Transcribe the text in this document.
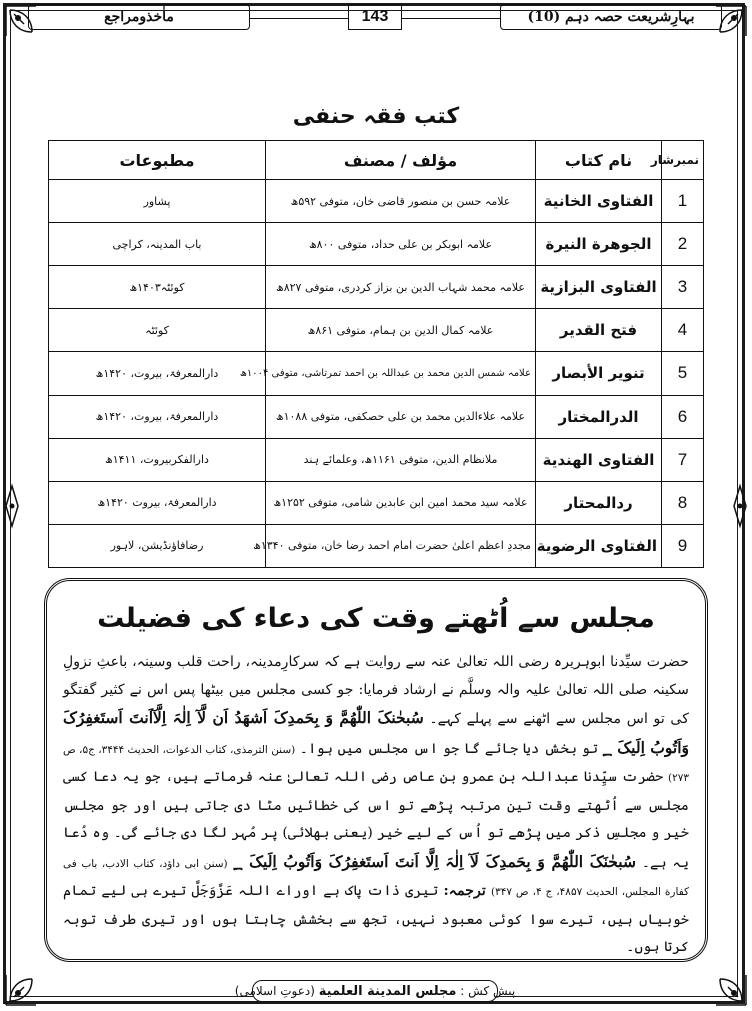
بہارِشریعت حصہ دہم (10)
143
ماٰخذومراجع
کتب فقہ حنفی
نمبرشار	نام کتاب	مؤلف / مصنف	مطبوعات
1	الفتاوی الخانیة	علامہ حسن بن منصور قاضی خان، متوفی ۵۹۲ھ	پشاور
2	الجوهرة النيرة	علامہ ابوبکر بن علی حداد، متوفی ۸۰۰ھ	باب المدینہ، کراچی
3	الفتاوی البزازية	علامہ محمد شہاب الدین بن بزاز کردری، متوفی ۸۲۷ھ	کوئٹہ۱۴۰۳ھ
4	فتح القدير	علامہ کمال الدین بن ہمام، متوفی ۸۶۱ھ	کوئٹہ
5	تنوير الأبصار	علامہ شمس الدین محمد بن عبداللہ بن احمد تمرتاشی، متوفی ۱۰۰۴ھ	دارالمعرفۃ، بیروت، ۱۴۲۰ھ
6	الدرالمختار	علامہ علاءالدین محمد بن علی حصکفی، متوفی ۱۰۸۸ھ	دارالمعرفۃ، بیروت، ۱۴۲۰ھ
7	الفتاوی الهندية	ملانظام الدین، متوفی ۱۱۶۱ھ، وعلمائے ہند	دارالفکربیروت، ۱۴۱۱ھ
8	ردالمحتار	علامہ سید محمد امین ابن عابدین شامی، متوفی ۱۲۵۲ھ	دارالمعرفۃ، بیروت ۱۴۲۰ھ
9	الفتاوی الرضوية	مجددِ اعظم اعلیٰ حضرت امام احمد رضا خان، متوفی ۱۳۴۰ھ	رضافاؤنڈیشن، لاہور
مجلس سے اُٹھتے وقت کی دعاء کی فضیلت
حضرت سیِّدنا ابوہریرہ رضی اللہ تعالیٰ عنہ سے روایت ہے کہ سرکارِمدینہ، راحت قلب وسینہ، باعثِ نزولِ سکینہ صلی اللہ تعالیٰ علیہ والہ وسلَّم نے ارشاد فرمایا: جو کسی مجلس میں بیٹھا پس اس نے کثیر گفتگو کی تو اس مجلس سے اٹھنے سے پہلے کہے۔ سُبحٰنکَ اللّٰھُمَّ وَ بِحَمدِکَ اَشھَدُ اَن لَّآ اِلٰہَ اِلَّآاَنتَ اَستَغفِرُکَ وَاَتُوبُ اِلَیکَ ؁ تو بخش دیا جائے گا جو اس مجلس میں ہوا۔ (سنن الترمذی، کتاب الدعوات، الحدیث ۳۴۴۴، ج۵، ص ۲۷۳) حضرت سیِّدنا عبداللہ بن عمرو بن عاص رضی اللہ تعالیٰ عنہ فرماتے ہیں، جو یہ دعا کسی مجلس سے اُٹھتے وقت تین مرتبہ پڑھے تو اس کی خطائیں مٹا دی جاتی ہیں اور جو مجلس خیر و مجلسِ ذکر میں پڑھے تو اُس کے لیے خیر (یعنی بھلائی) پر مُہر لگا دی جائے گی۔ وہ دُعا یہ ہے۔ سُبحٰنَکَ اللّٰھُمَّ وَ بِحَمدِکَ لَآ اِلٰہَ اِلَّا اَنتَ اَستَغفِرُکَ وَاَتُوبُ اِلَیکَ ؁ (سنن ابی داؤد، کتاب الادب، باب فی کفارة المجلس، الحدیث ۴۸۵۷، ج ۴، ص ۳۴۷) ترجمہ: تیری ذات پاک ہے اوراے اللہ عَزَّوَجَلَّ تیرے ہی لیے تمام خوبیاں ہیں، تیرے سوا کوئی معبود نہیں، تجھ سے بخشش چاہتا ہوں اور تیری طرف توبہ کرتا ہوں۔
پیش کش :

مجلس المدينة العلمية

(دعوتِ اسلامی)
